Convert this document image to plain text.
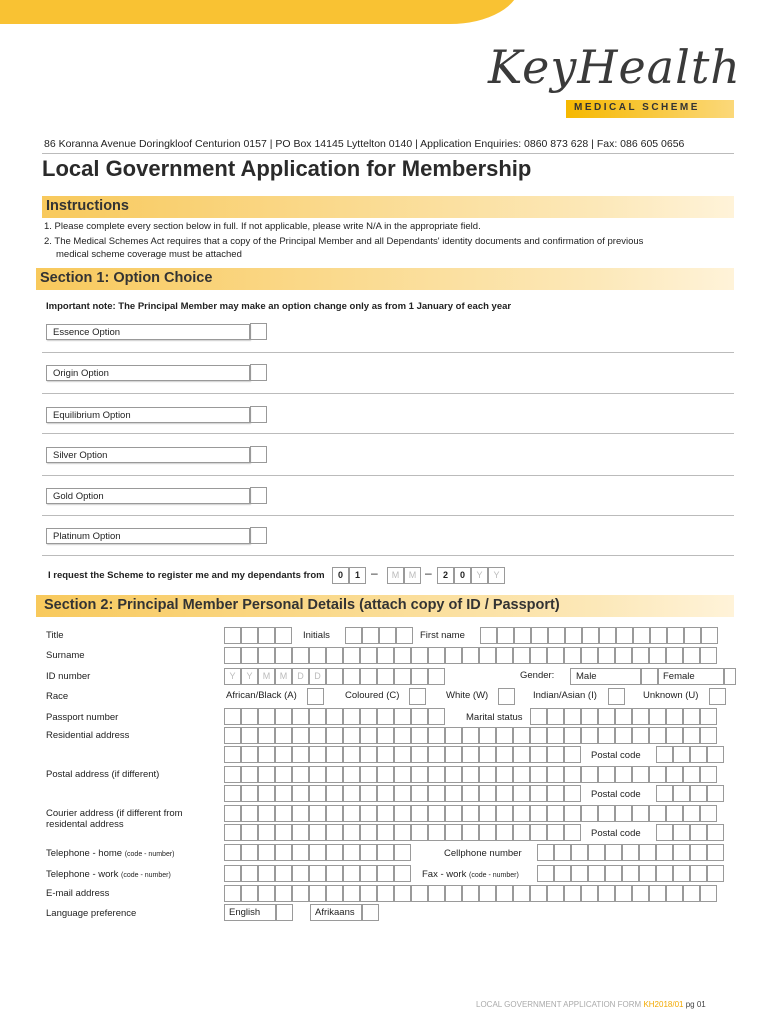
KeyHealth
MEDICAL SCHEME
86 Koranna Avenue Doringkloof Centurion 0157 | PO Box 14145 Lyttelton 0140 | Application Enquiries: 0860 873 628 | Fax: 086 605 0656
Local Government Application for Membership
Instructions
1. Please complete every section below in full. If not applicable, please write N/A in the appropriate field.
2. The Medical Schemes Act requires that a copy of the Principal Member and all Dependants' identity documents and confirmation of previous
medical scheme coverage must be attached
Section 1: Option Choice
Important note: The Principal Member may make an option change only as from 1 January of each year
Essence Option
Origin Option
Equilibrium Option
Silver Option
Gold Option
Platinum Option
I request the Scheme to register me and my dependants from	0	1 –	M	M –	2	0	Y	Y
Section 2: Principal Member Personal Details (attach copy of ID / Passport)
Title	Initials	First name
Surname
ID number	Y	Y	M	M	D	D	Gender:	Male	Female
Race	African/Black (A)	Coloured (C)	White (W)	Indian/Asian (I)	Unknown (U)
Passport number	Marital status
Residential address
Postal code
Postal address (if different)
Postal code
Courier address (if different from
residental address
Postal code
Telephone - home (code - number)	Cellphone number
Telephone - work (code - number)	Fax - work (code - number)
E-mail address
Language preference	English	Afrikaans
LOCAL GOVERNMENT APPLICATION FORM KH2018/01 pg 01
